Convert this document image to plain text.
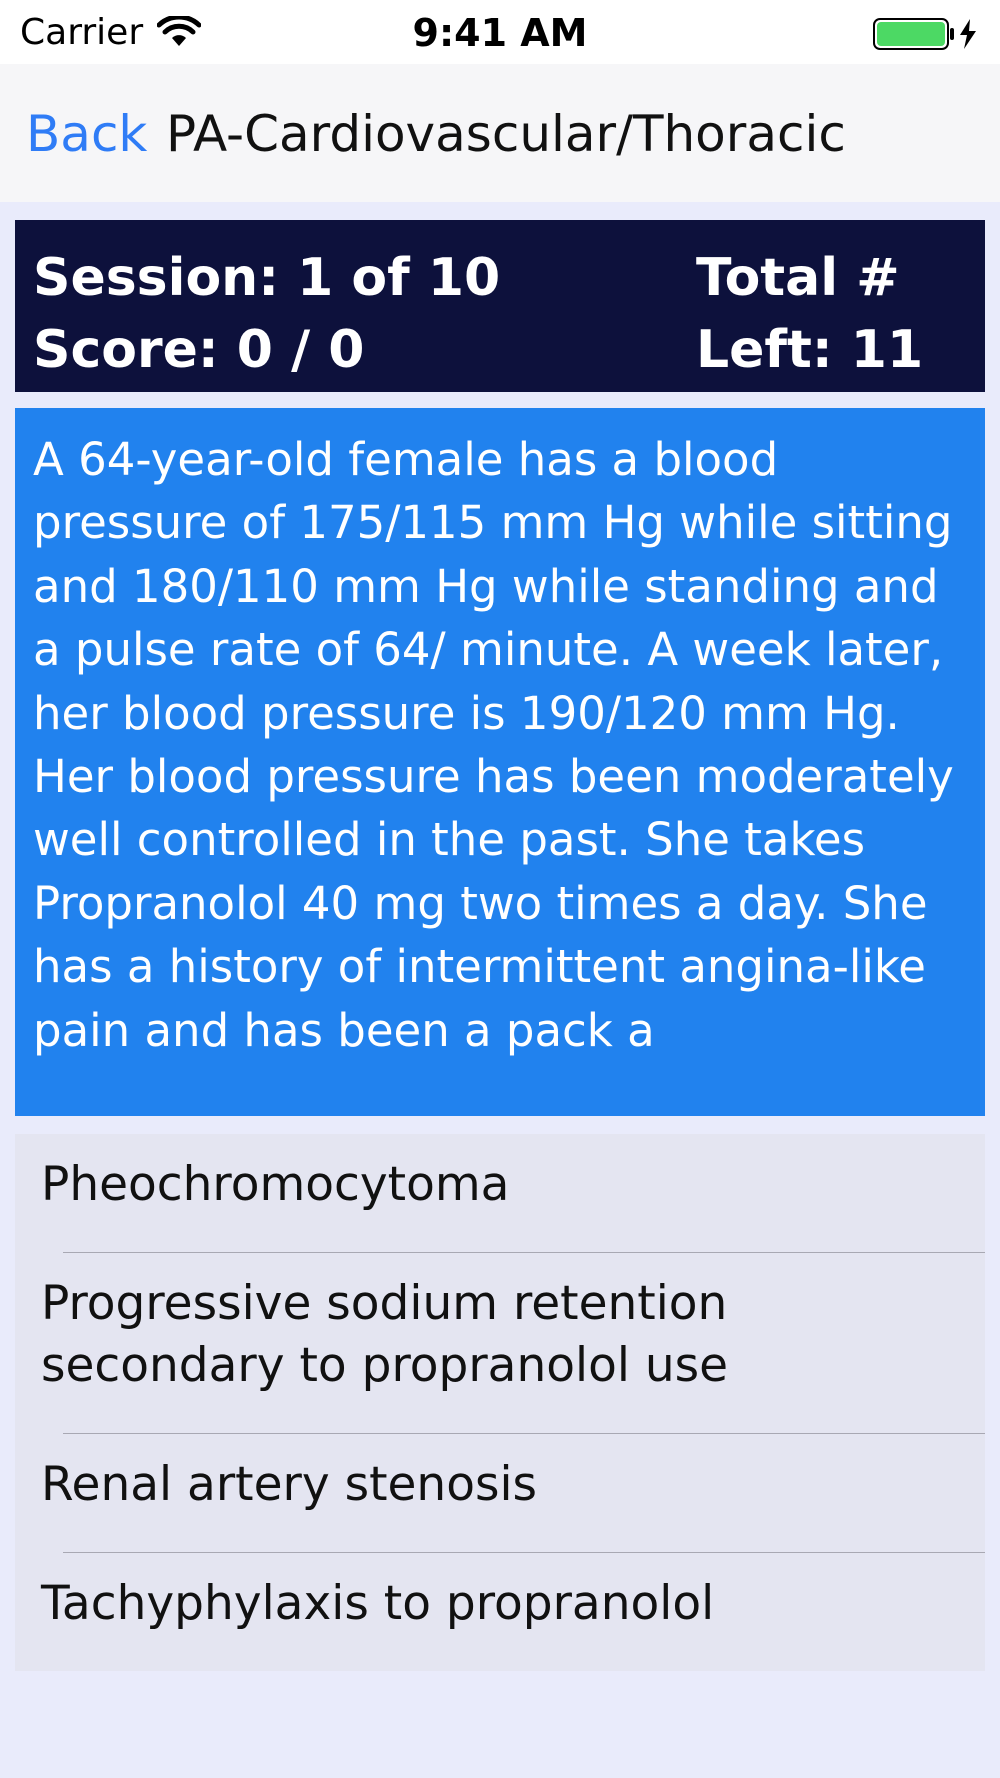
Carrier	9:41 AM
Back PA-Cardiovascular/Thoracic
Session: 1 of 10
Score: 0 / 0
Total #
Left: 11
A 64-year-old female has a blood pressure of 175/115 mm Hg while sitting and 180/110 mm Hg while standing and a pulse rate of 64/ minute. A week later, her blood pressure is 190/120 mm Hg. Her blood pressure has been moderately well controlled in the past. She takes Propranolol 40 mg two times a day. She has a history of intermittent angina-like pain and has been a pack a
Pheochromocytoma
Progressive sodium retention secondary to propranolol use
Renal artery stenosis
Tachyphylaxis to propranolol
